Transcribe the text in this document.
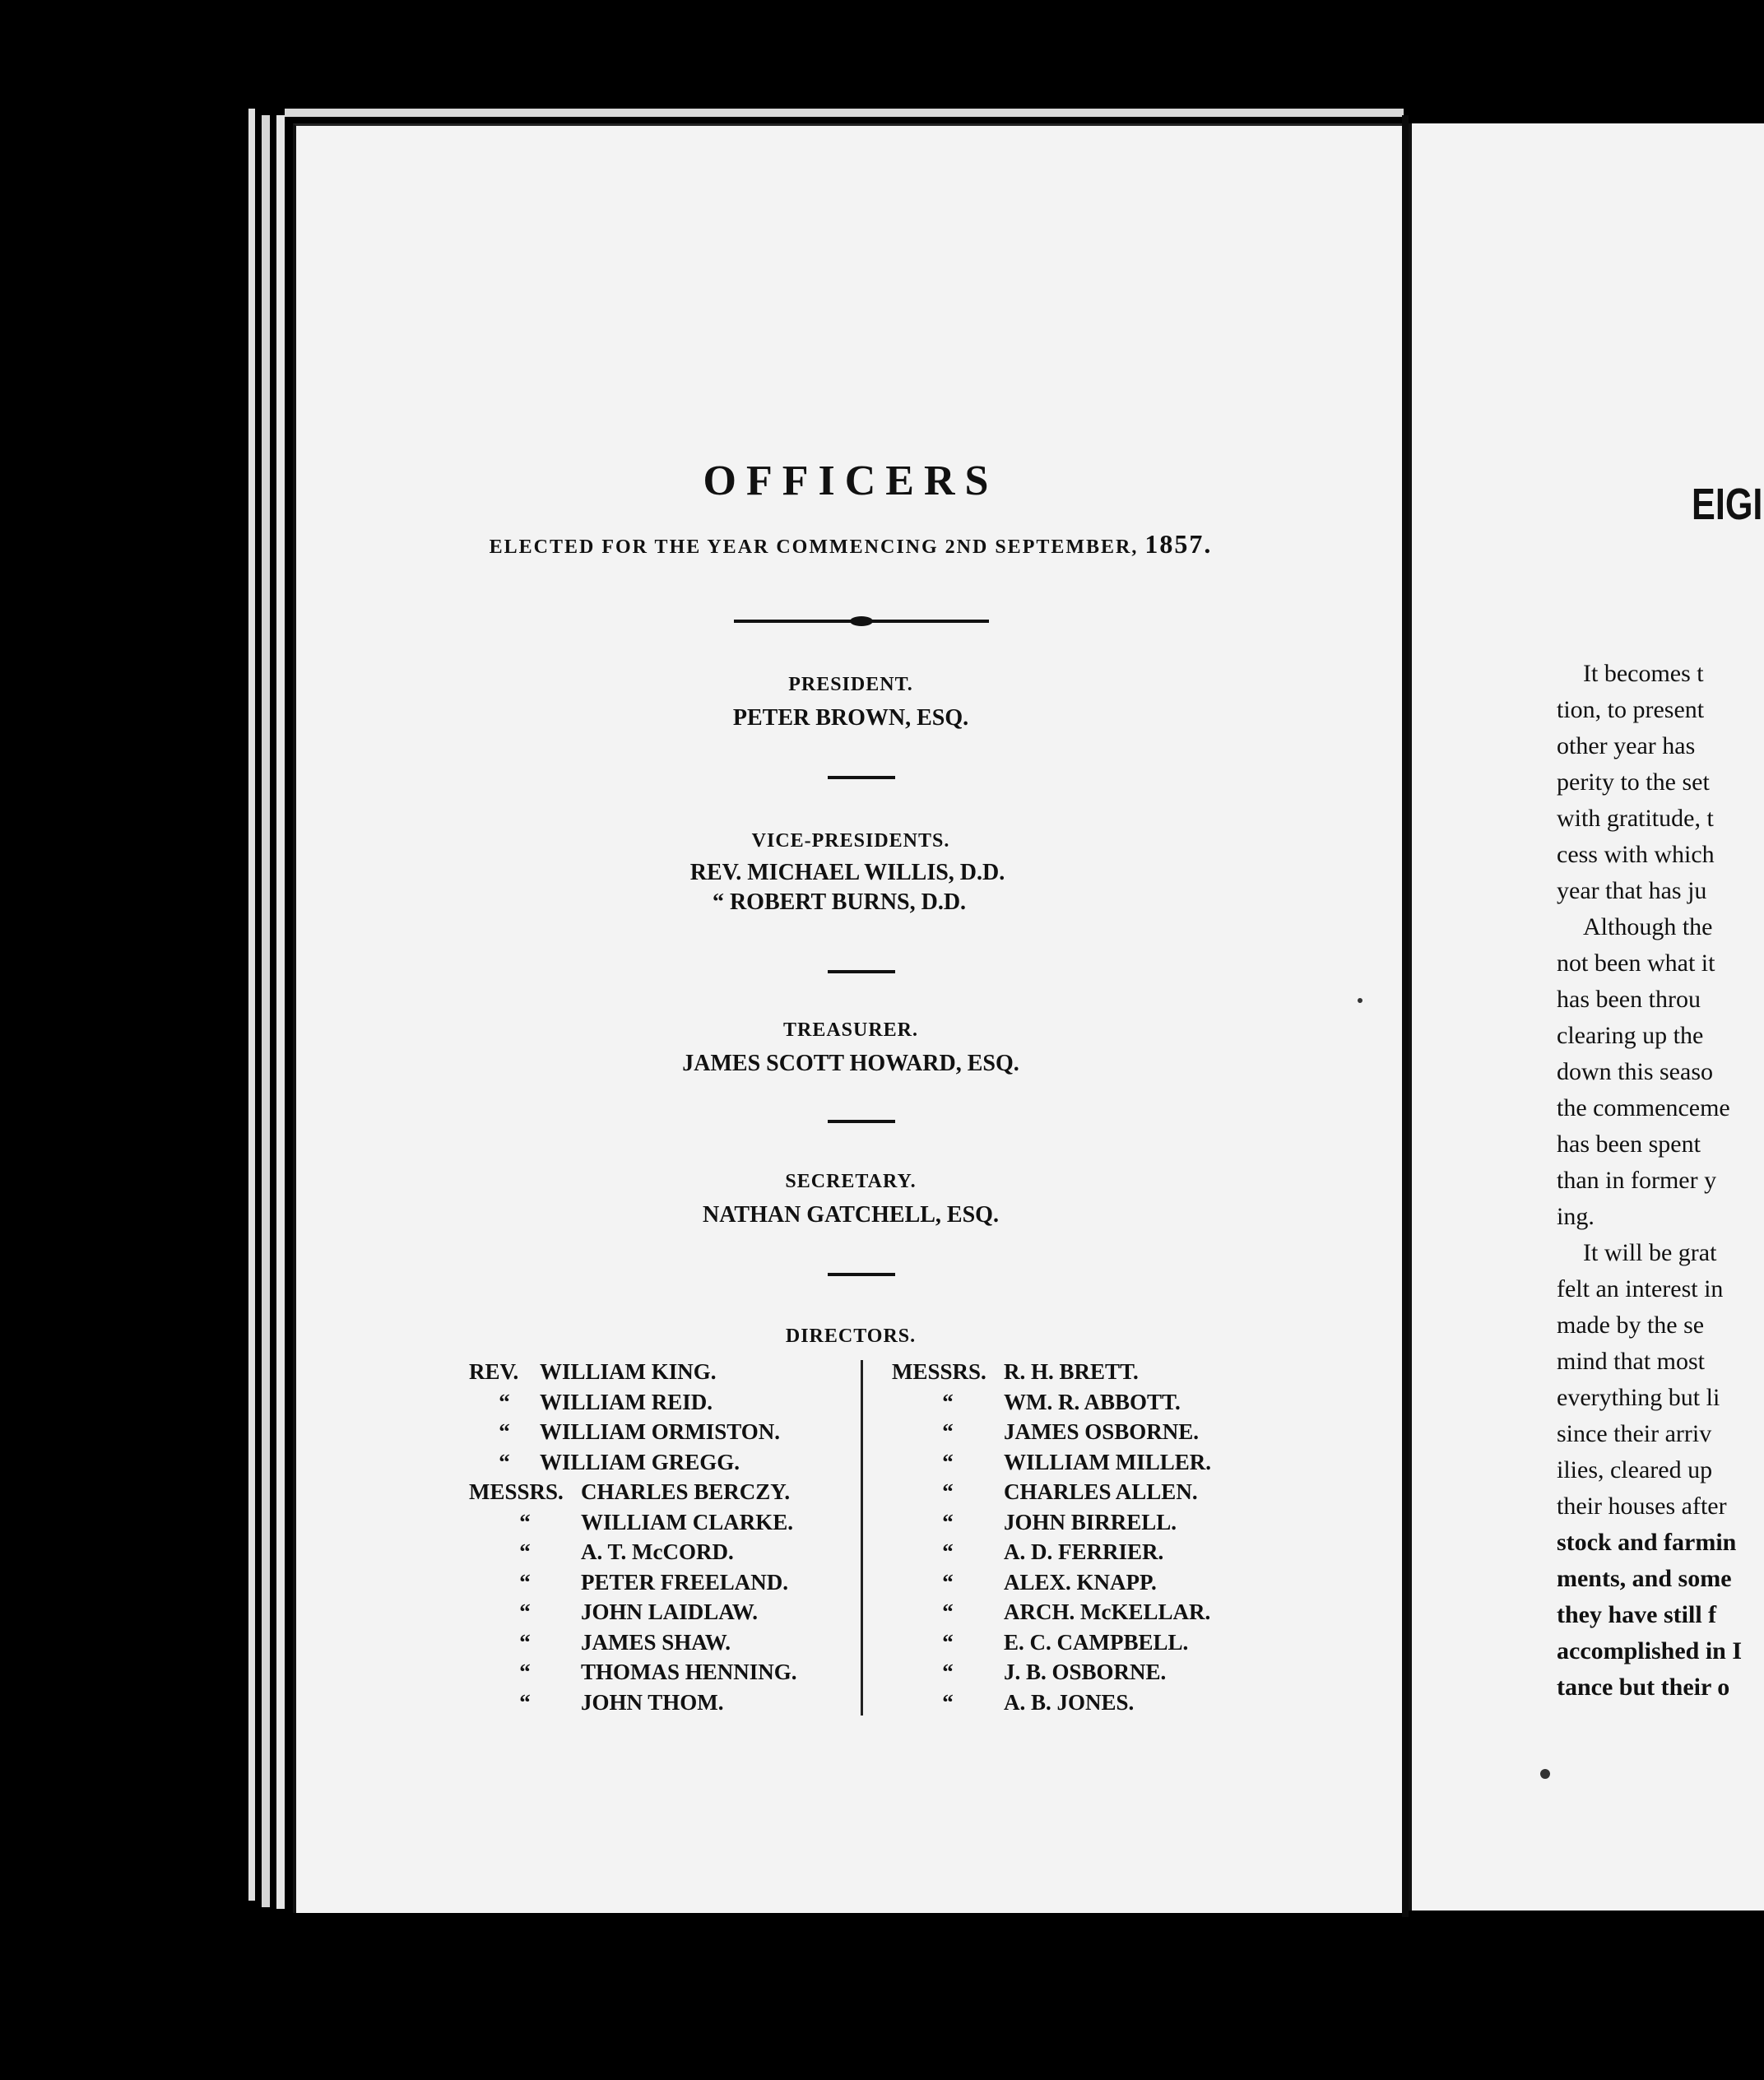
OFFICERS
ELECTED FOR THE YEAR COMMENCING 2ND SEPTEMBER, 1857.
PRESIDENT.
PETER BROWN, ESQ.
VICE-PRESIDENTS.
REV. MICHAEL WILLIS, D.D.
“ ROBERT BURNS, D.D.
TREASURER.
JAMES SCOTT HOWARD, ESQ.
SECRETARY.
NATHAN GATCHELL, ESQ.
DIRECTORS.
REV. WILLIAM KING.
“ WILLIAM REID.
“ WILLIAM ORMISTON.
“ WILLIAM GREGG.
MESSRS. CHARLES BERCZY.
“ WILLIAM CLARKE.
“ A. T. McCORD.
“ PETER FREELAND.
“ JOHN LAIDLAW.
“ JAMES SHAW.
“ THOMAS HENNING.
“ JOHN THOM.
MESSRS. R. H. BRETT.
“ WM. R. ABBOTT.
“ JAMES OSBORNE.
“ WILLIAM MILLER.
“ CHARLES ALLEN.
“ JOHN BIRRELL.
“ A. D. FERRIER.
“ ALEX. KNAPP.
“ ARCH. McKELLAR.
“ E. C. CAMPBELL.
“ J. B. OSBORNE.
“ A. B. JONES.
EIGI
It becomes t
tion, to present
other year has
perity to the set
with gratitude, t
cess with which
year that has ju
Although the
not been what it
has been throu
clearing up the
down this seaso
the commenceme
has been spent
than in former y
ing.
It will be grat
felt an interest in
made by the se
mind that most
everything but li
since their arriv
ilies, cleared up
their houses after
stock and farmin
ments, and some
they have still f
accomplished in I
tance but their o
